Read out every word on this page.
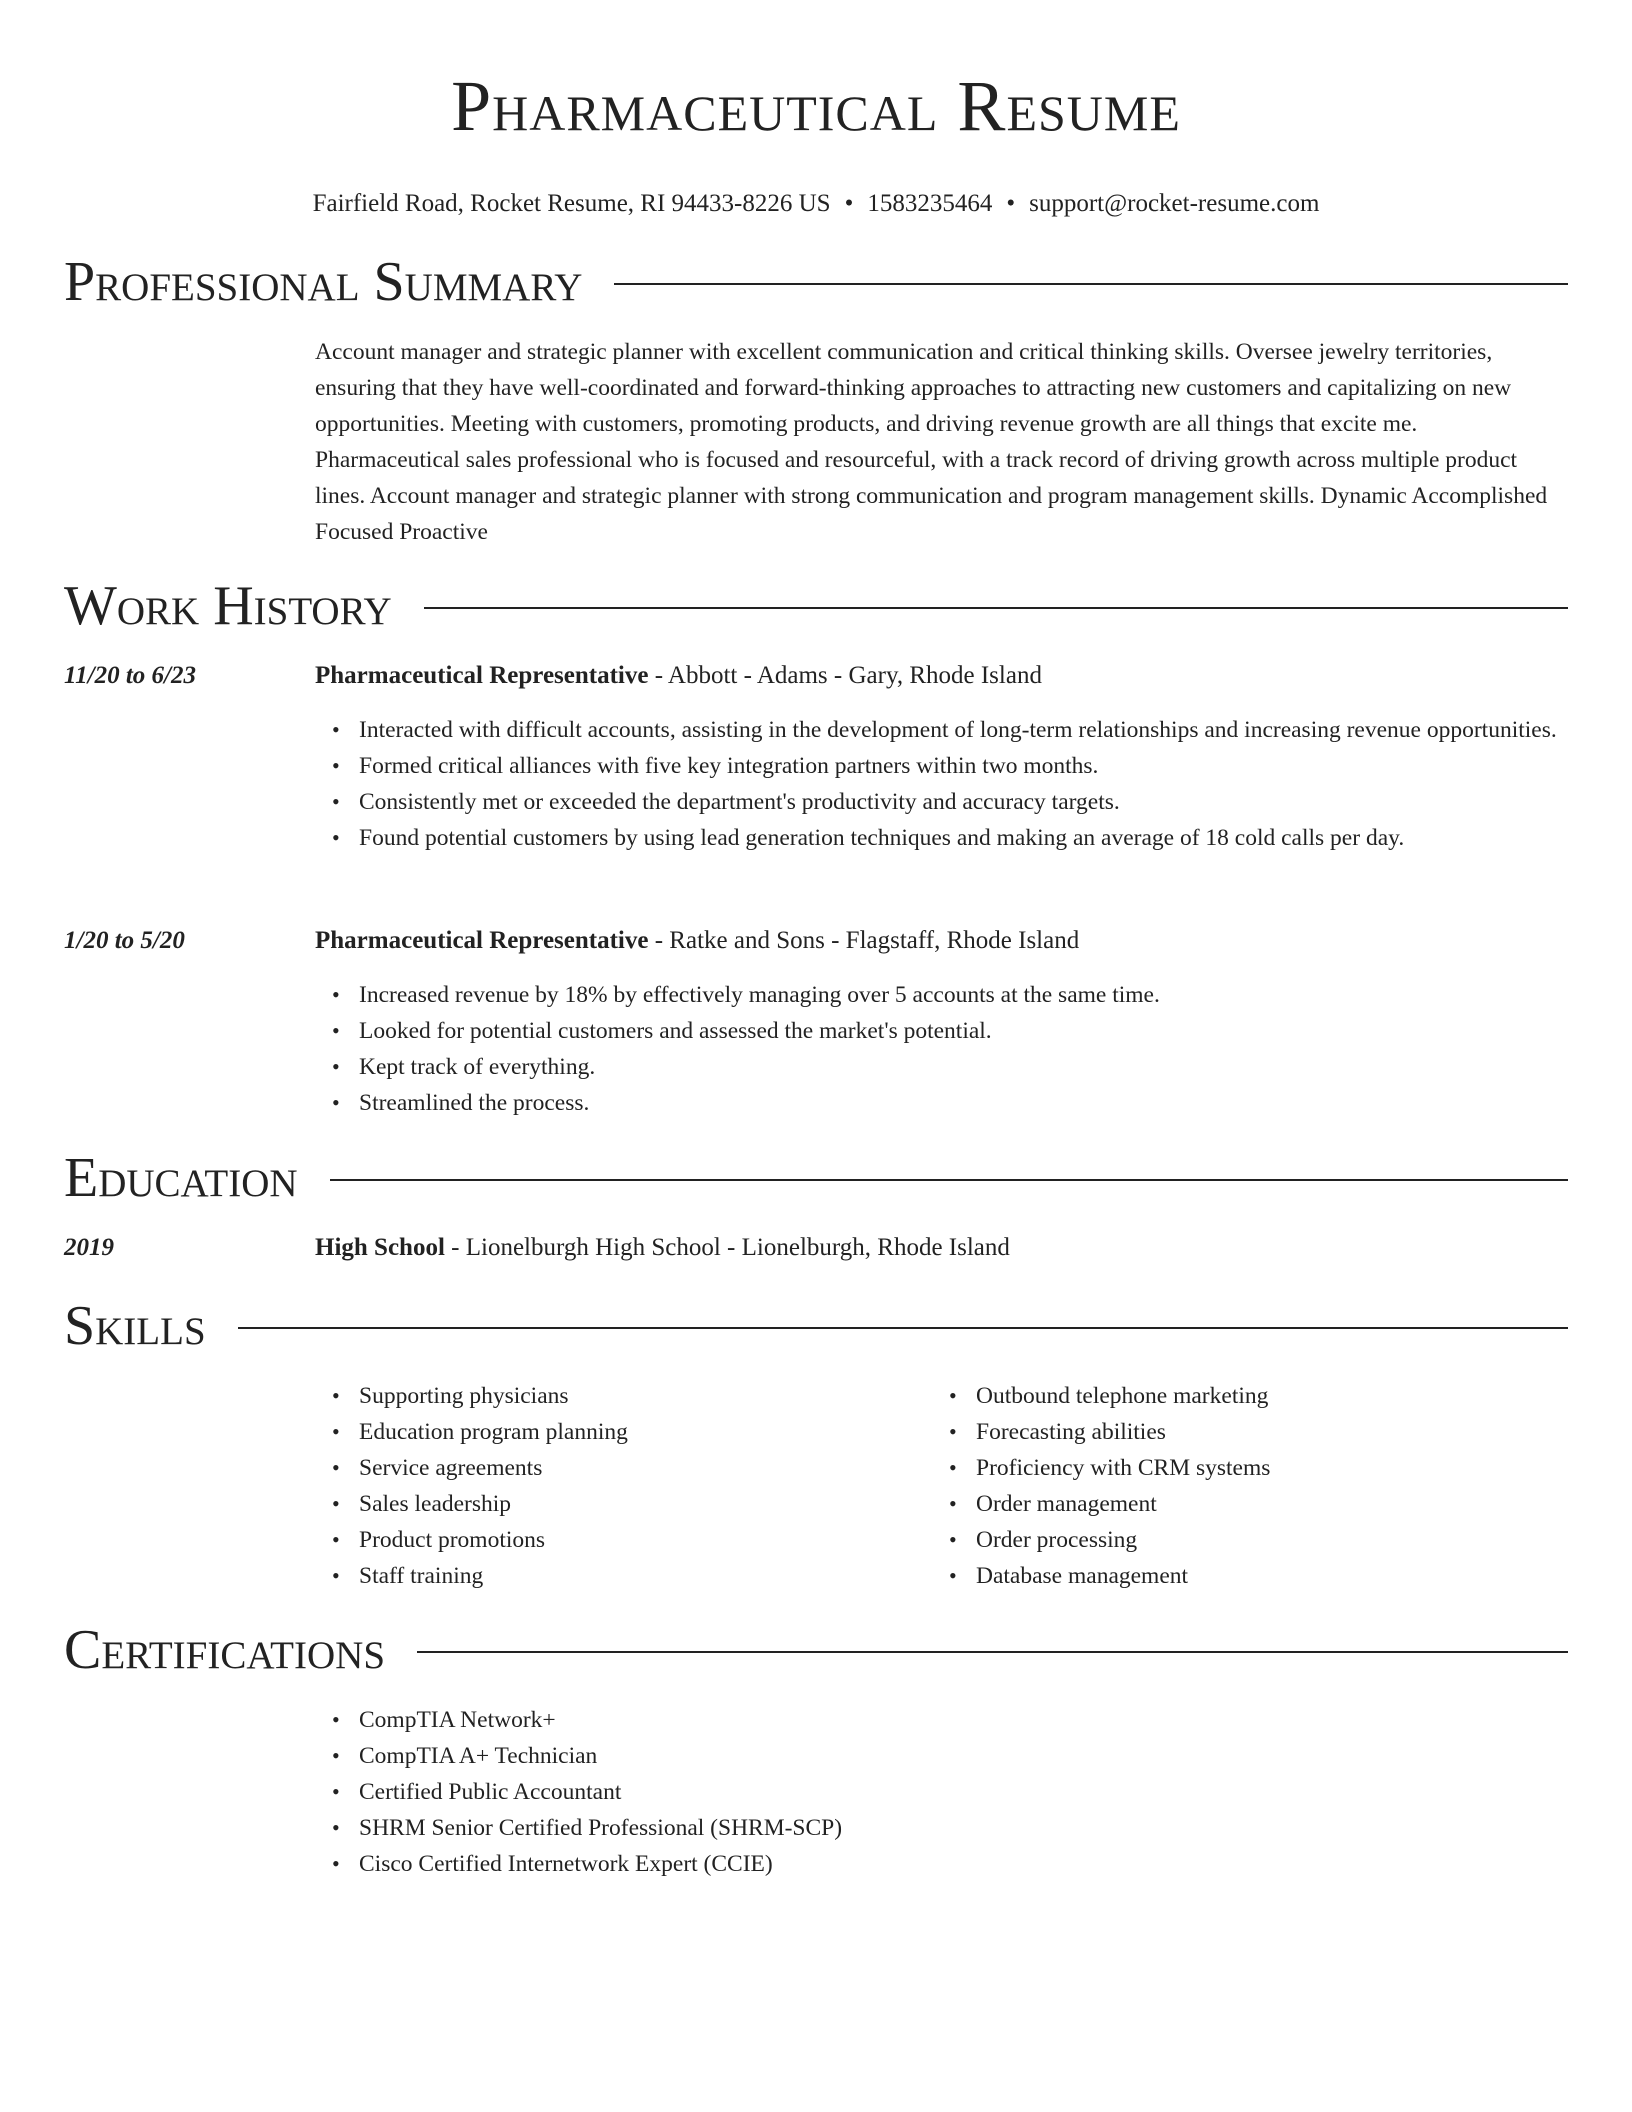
Pharmaceutical Resume
Fairfield Road, Rocket Resume, RI 94433-8226 US • 1583235464 • support@rocket-resume.com
Professional Summary
Account manager and strategic planner with excellent communication and critical thinking skills. Oversee jewelry territories, ensuring that they have well-coordinated and forward-thinking approaches to attracting new customers and capitalizing on new opportunities. Meeting with customers, promoting products, and driving revenue growth are all things that excite me. Pharmaceutical sales professional who is focused and resourceful, with a track record of driving growth across multiple product lines. Account manager and strategic planner with strong communication and program management skills. Dynamic Accomplished Focused Proactive
Work History
11/20 to 6/23	Pharmaceutical Representative - Abbott - Adams - Gary, Rhode Island
• Interacted with difficult accounts, assisting in the development of long-term relationships and increasing revenue opportunities.
• Formed critical alliances with five key integration partners within two months.
• Consistently met or exceeded the department's productivity and accuracy targets.
• Found potential customers by using lead generation techniques and making an average of 18 cold calls per day.
1/20 to 5/20	Pharmaceutical Representative - Ratke and Sons - Flagstaff, Rhode Island
• Increased revenue by 18% by effectively managing over 5 accounts at the same time.
• Looked for potential customers and assessed the market's potential.
• Kept track of everything.
• Streamlined the process.
Education
2019	High School - Lionelburgh High School - Lionelburgh, Rhode Island
Skills
• Supporting physicians
• Education program planning
• Service agreements
• Sales leadership
• Product promotions
• Staff training
• Outbound telephone marketing
• Forecasting abilities
• Proficiency with CRM systems
• Order management
• Order processing
• Database management
Certifications
• CompTIA Network+
• CompTIA A+ Technician
• Certified Public Accountant
• SHRM Senior Certified Professional (SHRM-SCP)
• Cisco Certified Internetwork Expert (CCIE)
